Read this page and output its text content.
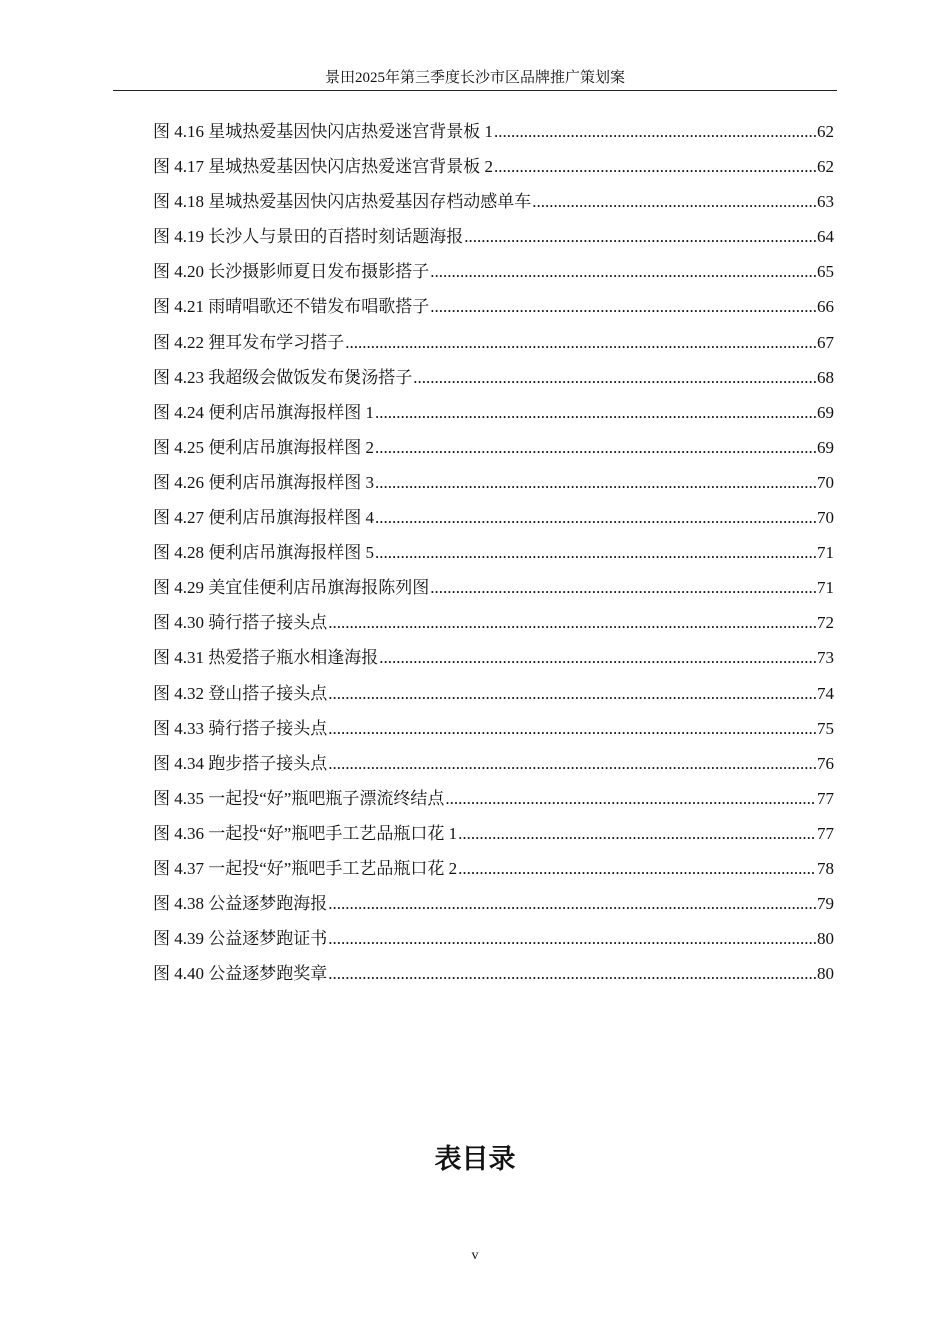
景田2025年第三季度长沙市区品牌推广策划案
图 4.16 星城热爱基因快闪店热爱迷宫背景板 1 .....	62
图 4.17 星城热爱基因快闪店热爱迷宫背景板 2 .....	62
图 4.18 星城热爱基因快闪店热爱基因存档动感单车 .....	63
图 4.19 长沙人与景田的百搭时刻话题海报 .....	64
图 4.20 长沙摄影师夏日发布摄影搭子 .....	65
图 4.21 雨晴唱歌还不错发布唱歌搭子 .....	66
图 4.22 狸耳发布学习搭子 .....	67
图 4.23 我超级会做饭发布煲汤搭子 .....	68
图 4.24 便利店吊旗海报样图 1 .....	69
图 4.25 便利店吊旗海报样图 2 .....	69
图 4.26 便利店吊旗海报样图 3 .....	70
图 4.27 便利店吊旗海报样图 4 .....	70
图 4.28 便利店吊旗海报样图 5 .....	71
图 4.29 美宜佳便利店吊旗海报陈列图 .....	71
图 4.30 骑行搭子接头点 .....	72
图 4.31 热爱搭子瓶水相逢海报 .....	73
图 4.32 登山搭子接头点 .....	74
图 4.33 骑行搭子接头点 .....	75
图 4.34 跑步搭子接头点 .....	76
图 4.35 一起投“好”瓶吧瓶子漂流终结点 .....	77
图 4.36 一起投“好”瓶吧手工艺品瓶口花 1 .....	77
图 4.37 一起投“好”瓶吧手工艺品瓶口花 2 .....	78
图 4.38 公益逐梦跑海报 .....	79
图 4.39 公益逐梦跑证书 .....	80
图 4.40 公益逐梦跑奖章 .....	80
表目录
v
